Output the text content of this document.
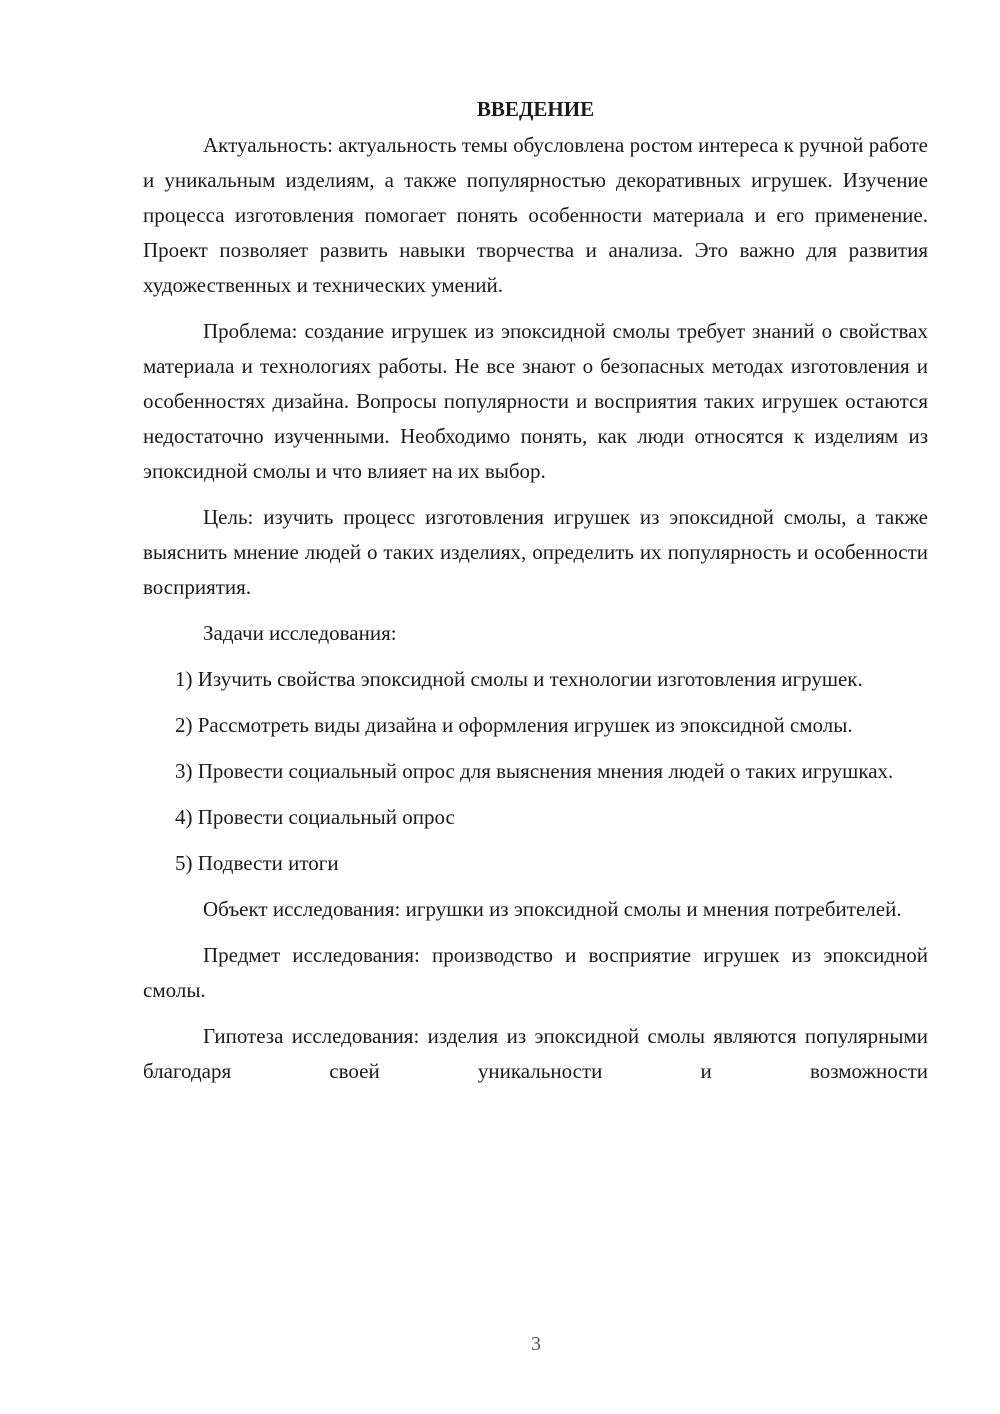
ВВЕДЕНИЕ

Актуальность: актуальность темы обусловлена ростом интереса к ручной работе и уникальным изделиям, а также популярностью декоративных игрушек. Изучение процесса изготовления помогает понять особенности материала и его применение. Проект позволяет развить навыки творчества и анализа. Это важно для развития художественных и технических умений.

Проблема: создание игрушек из эпоксидной смолы требует знаний о свойствах материала и технологиях работы. Не все знают о безопасных методах изготовления и особенностях дизайна. Вопросы популярности и восприятия таких игрушек остаются недостаточно изученными. Необходимо понять, как люди относятся к изделиям из эпоксидной смолы и что влияет на их выбор.

Цель: изучить процесс изготовления игрушек из эпоксидной смолы, а также выяснить мнение людей о таких изделиях, определить их популярность и особенности восприятия.

Задачи исследования:

1) Изучить свойства эпоксидной смолы и технологии изготовления игрушек.

2) Рассмотреть виды дизайна и оформления игрушек из эпоксидной смолы.

3) Провести социальный опрос для выяснения мнения людей о таких игрушках.

4) Провести социальный опрос

5) Подвести итоги

Объект исследования: игрушки из эпоксидной смолы и мнения потребителей.

Предмет исследования: производство и восприятие игрушек из эпоксидной смолы.

Гипотеза исследования: изделия из эпоксидной смолы являются популярными благодаря своей уникальности и возможности

3
